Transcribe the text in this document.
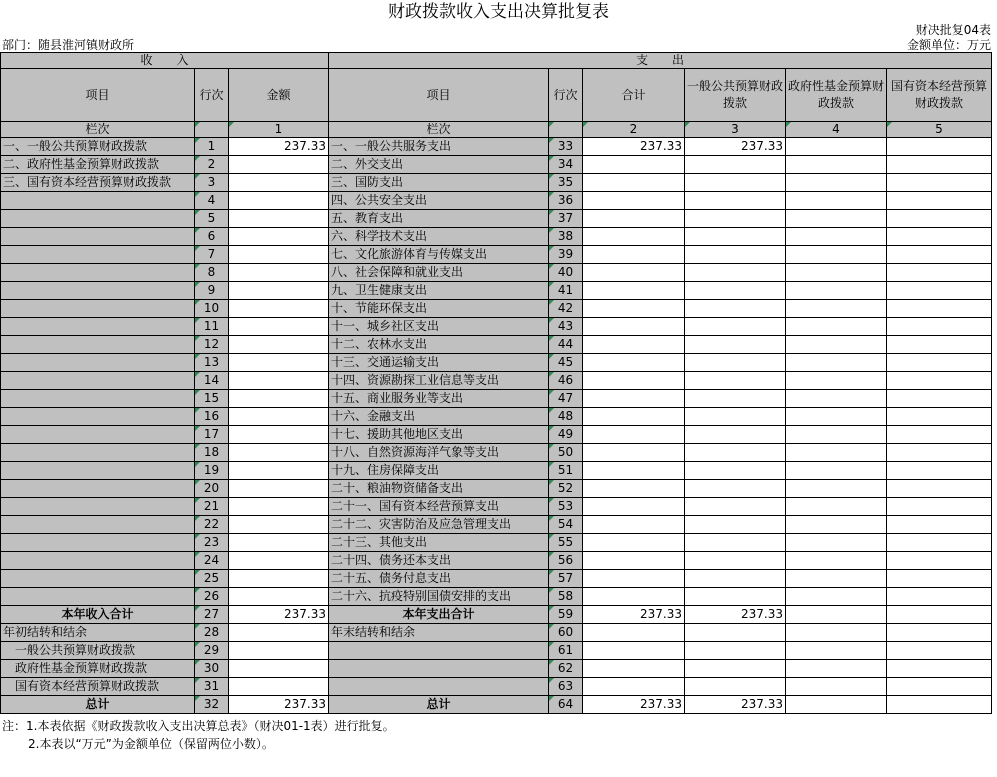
财政拨款收入支出决算批复表
财决批复04表
部门：随县淮河镇财政所	金额单位：万元
收　　入			支　　出					
项目	行次	金额	项目	行次	合计	一般公共预算财政拨款	政府性基金预算财政拨款	国有资本经营预算财政拨款
栏次		1	栏次		2	3	4	5
一、一般公共预算财政拨款	1	237.33	一、一般公共服务支出	33	237.33	237.33		
二、政府性基金预算财政拨款	2		二、外交支出	34				
三、国有资本经营预算财政拨款	3		三、国防支出	35				
	4		四、公共安全支出	36				
	5		五、教育支出	37				
	6		六、科学技术支出	38				
	7		七、文化旅游体育与传媒支出	39				
	8		八、社会保障和就业支出	40				
	9		九、卫生健康支出	41				
	10		十、节能环保支出	42				
	11		十一、城乡社区支出	43				
	12		十二、农林水支出	44				
	13		十三、交通运输支出	45				
	14		十四、资源勘探工业信息等支出	46				
	15		十五、商业服务业等支出	47				
	16		十六、金融支出	48				
	17		十七、援助其他地区支出	49				
	18		十八、自然资源海洋气象等支出	50				
	19		十九、住房保障支出	51				
	20		二十、粮油物资储备支出	52				
	21		二十一、国有资本经营预算支出	53				
	22		二十二、灾害防治及应急管理支出	54				
	23		二十三、其他支出	55				
	24		二十四、债务还本支出	56				
	25		二十五、债务付息支出	57				
	26		二十六、抗疫特别国债安排的支出	58				
本年收入合计	27	237.33	本年支出合计	59	237.33	237.33		
年初结转和结余	28		年末结转和结余	60				
一般公共预算财政拨款	29			61				
政府性基金预算财政拨款	30			62				
国有资本经营预算财政拨款	31			63				
总计	32	237.33	总计	64	237.33	237.33		
注：1.本表依据《财政拨款收入支出决算总表》（财决01-1表）进行批复。
2.本表以“万元”为金额单位（保留两位小数）。
